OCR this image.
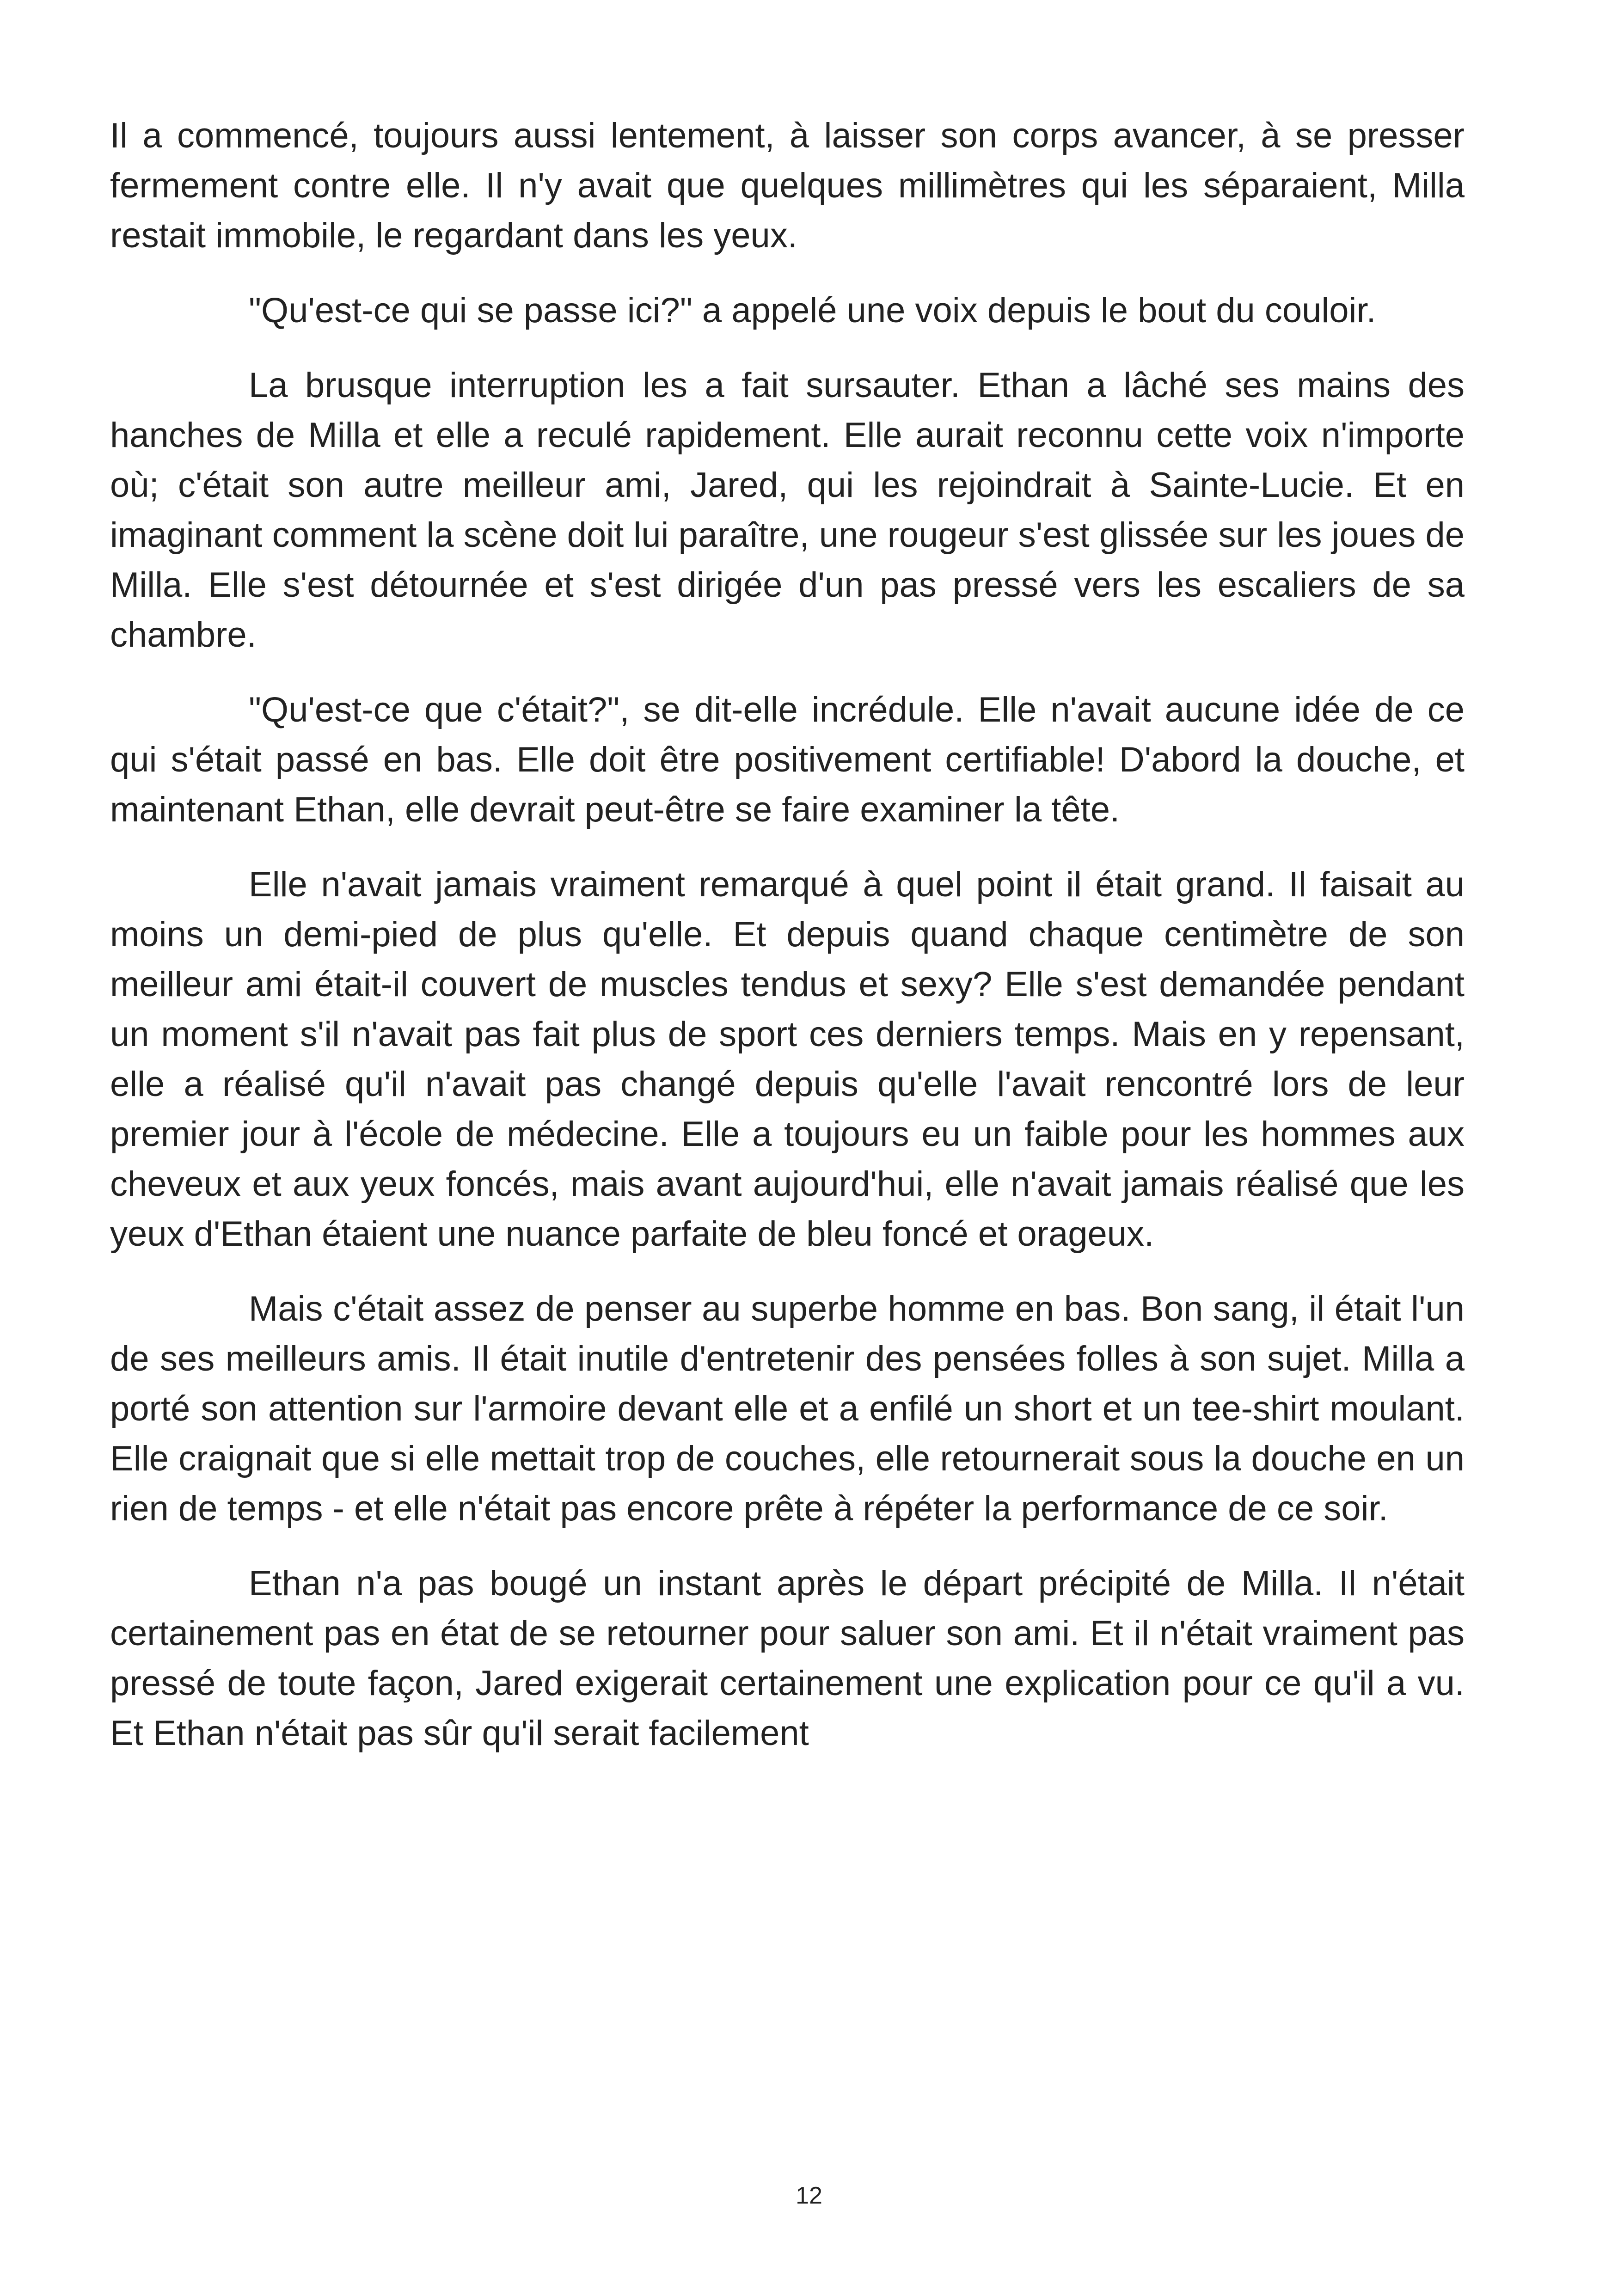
Il a commencé, toujours aussi lentement, à laisser son corps avancer, à se presser fermement contre elle. Il n'y avait que quelques millimètres qui les séparaient, Milla restait immobile, le regardant dans les yeux.

"Qu'est-ce qui se passe ici?" a appelé une voix depuis le bout du couloir.

La brusque interruption les a fait sursauter. Ethan a lâché ses mains des hanches de Milla et elle a reculé rapidement. Elle aurait reconnu cette voix n'importe où; c'était son autre meilleur ami, Jared, qui les rejoindrait à Sainte-Lucie. Et en imaginant comment la scène doit lui paraître, une rougeur s'est glissée sur les joues de Milla. Elle s'est détournée et s'est dirigée d'un pas pressé vers les escaliers de sa chambre.

"Qu'est-ce que c'était?", se dit-elle incrédule. Elle n'avait aucune idée de ce qui s'était passé en bas. Elle doit être positivement certifiable! D'abord la douche, et maintenant Ethan, elle devrait peut-être se faire examiner la tête.

Elle n'avait jamais vraiment remarqué à quel point il était grand. Il faisait au moins un demi-pied de plus qu'elle. Et depuis quand chaque centimètre de son meilleur ami était-il couvert de muscles tendus et sexy? Elle s'est demandée pendant un moment s'il n'avait pas fait plus de sport ces derniers temps. Mais en y repensant, elle a réalisé qu'il n'avait pas changé depuis qu'elle l'avait rencontré lors de leur premier jour à l'école de médecine. Elle a toujours eu un faible pour les hommes aux cheveux et aux yeux foncés, mais avant aujourd'hui, elle n'avait jamais réalisé que les yeux d'Ethan étaient une nuance parfaite de bleu foncé et orageux.

Mais c'était assez de penser au superbe homme en bas. Bon sang, il était l'un de ses meilleurs amis. Il était inutile d'entretenir des pensées folles à son sujet. Milla a porté son attention sur l'armoire devant elle et a enfilé un short et un tee-shirt moulant. Elle craignait que si elle mettait trop de couches, elle retournerait sous la douche en un rien de temps - et elle n'était pas encore prête à répéter la performance de ce soir.

Ethan n'a pas bougé un instant après le départ précipité de Milla. Il n'était certainement pas en état de se retourner pour saluer son ami. Et il n'était vraiment pas pressé de toute façon, Jared exigerait certainement une explication pour ce qu'il a vu. Et Ethan n'était pas sûr qu'il serait facilement

12
